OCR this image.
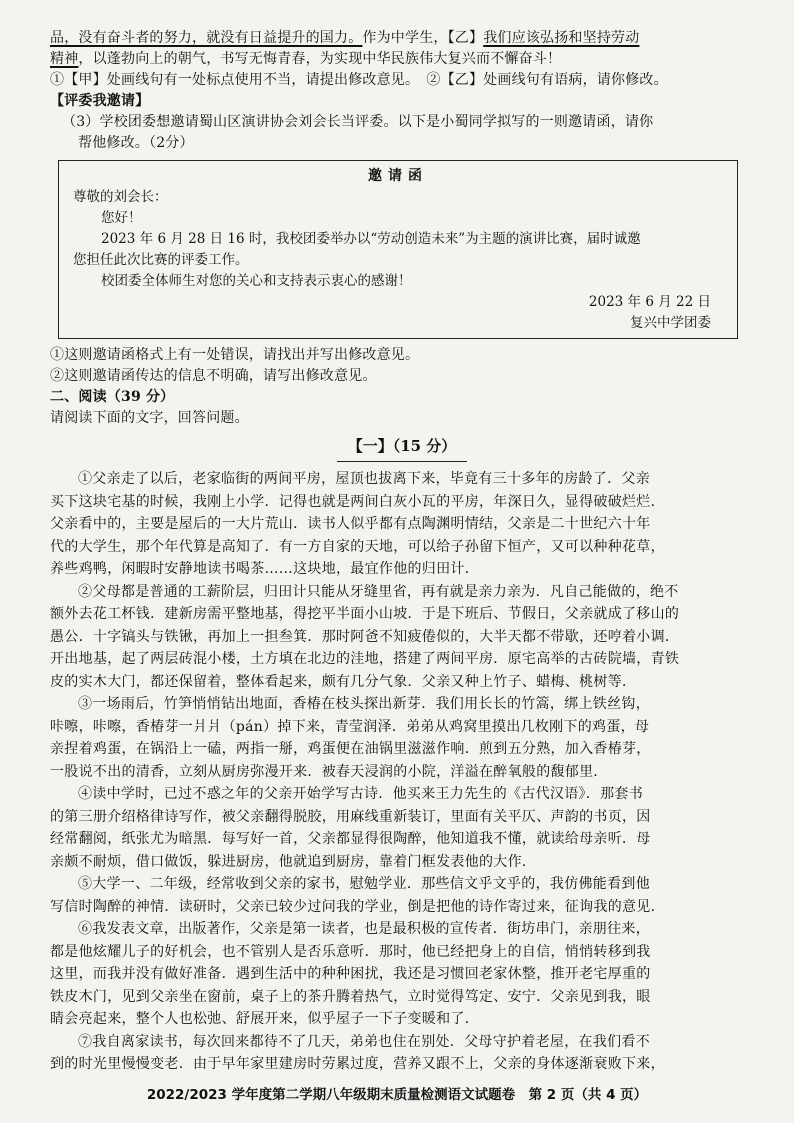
品，没有奋斗者的努力，就没有日益提升的国力。作为中学生，【乙】我们应该弘扬和坚持劳动
精神，以蓬勃向上的朝气，书写无悔青春，为实现中华民族伟大复兴而不懈奋斗！
①【甲】处画线句有一处标点使用不当，请提出修改意见。　②【乙】处画线句有语病，请你修改。
【评委我邀请】
（3）学校团委想邀请蜀山区演讲协会刘会长当评委。以下是小蜀同学拟写的一则邀请函，请你
帮他修改。（2分）
邀请函
尊敬的刘会长：
您好！
2023 年 6 月 28 日 16 时，我校团委举办以“劳动创造未来”为主题的演讲比赛，届时诚邀
您担任此次比赛的评委工作。
校团委全体师生对您的关心和支持表示衷心的感谢！
2023 年 6 月 22 日
复兴中学团委
①这则邀请函格式上有一处错误，请找出并写出修改意见。
②这则邀请函传达的信息不明确，请写出修改意见。
二、阅读（39 分）
请阅读下面的文字，回答问题。
【一】（15 分）
①父亲走了以后，老家临街的两间平房，屋顶也拔离下来，毕竟有三十多年的房龄了．父亲
买下这块宅基的时候，我刚上小学．记得也就是两间白灰小瓦的平房，年深日久，显得破破烂烂．
父亲看中的，主要是屋后的一大片荒山．读书人似乎都有点陶渊明情结，父亲是二十世纪六十年
代的大学生，那个年代算是高知了．有一方自家的天地，可以给子孙留下恒产，又可以种种花草，
养些鸡鸭，闲暇时安静地读书喝茶……这块地，最宜作他的归田计．
②父母都是普通的工薪阶层，归田计只能从牙缝里省，再有就是亲力亲为．凡自己能做的，绝不
额外去花工杯钱．建新房需平整地基，得挖平半面小山坡．于是下班后、节假日，父亲就成了移山的
愚公．十字镐头与铁锹，再加上一担叁箕．那时阿爸不知疲倦似的，大半天都不带歇，还哼着小调．
开出地基，起了两层砖混小楼，土方填在北边的洼地，搭建了两间平房．原宅高举的古砖院墙，青铁
皮的实木大门，都还保留着，整体看起来，颇有几分气象．父亲又种上竹子、蜡梅、桃树等．
③一场雨后，竹笋悄悄钻出地面，香椿在枝头探出新芽．我们用长长的竹篙，绑上铁丝钩，
咔嚓，咔嚓，香椿芽一爿爿（pán）掉下来，青莹润泽．弟弟从鸡窝里摸出几枚刚下的鸡蛋，母
亲捏着鸡蛋，在锅沿上一磕，两指一掰，鸡蛋便在油锅里滋滋作响．煎到五分熟，加入香椿芽，
一股说不出的清香，立刻从厨房弥漫开来．被春天浸润的小院，洋溢在醉氧般的馥郁里．
④读中学时，已过不惑之年的父亲开始学写古诗．他买来王力先生的《古代汉语》．那套书
的第三册介绍格律诗写作，被父亲翻得脱胶，用麻线重新装订，里面有关平仄、声韵的书页，因
经常翻阅，纸张尤为暗黑．每写好一首，父亲都显得很陶醉，他知道我不懂，就读给母亲听．母
亲颇不耐烦，借口做饭，躲进厨房，他就追到厨房，靠着门框发表他的大作．
⑤大学一、二年级，经常收到父亲的家书，慰勉学业．那些信文乎文乎的，我仿佛能看到他
写信时陶醉的神情．读研时，父亲已较少过问我的学业，倒是把他的诗作寄过来，征询我的意见．
⑥我发表文章，出版著作，父亲是第一读者，也是最积极的宣传者．街坊串门，亲朋往来，
都是他炫耀儿子的好机会，也不管别人是否乐意听．那时，他已经把身上的自信，悄悄转移到我
这里，而我并没有做好准备．遇到生活中的种种困扰，我还是习惯回老家休整，推开老宅厚重的
铁皮木门，见到父亲坐在窗前，桌子上的茶升腾着热气，立时觉得笃定、安宁．父亲见到我，眼
睛会亮起来，整个人也松弛、舒展开来，似乎屋子一下子变暖和了．
⑦我自离家读书，每次回来都待不了几天，弟弟也住在别处．父母守护着老屋，在我们看不
到的时光里慢慢变老．由于早年家里建房时劳累过度，营养又跟不上，父亲的身体逐渐衰败下来，
2022/2023 学年度第二学期八年级期末质量检测语文试题卷　第 2 页（共 4 页）
